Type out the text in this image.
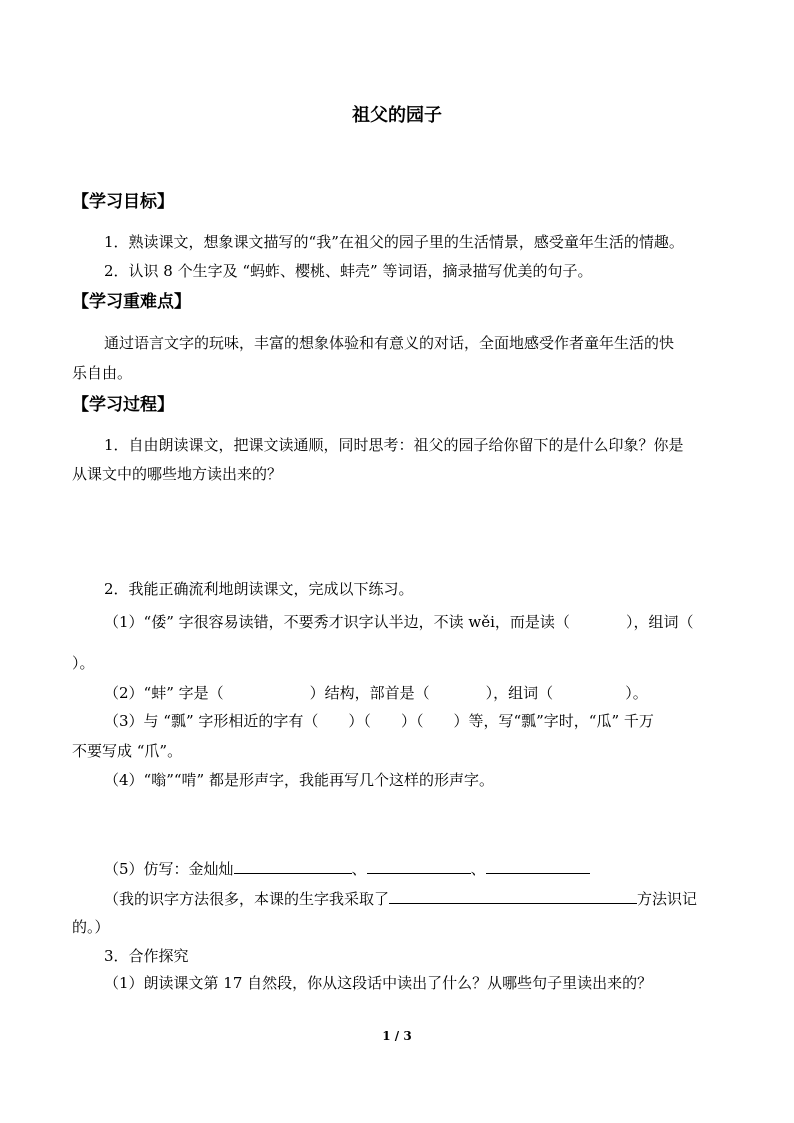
祖父的园子
【学习目标】
1．熟读课文，想象课文描写的“我”在祖父的园子里的生活情景，感受童年生活的情趣。
2．认识 8 个生字及 “蚂蚱、樱桃、蚌壳” 等词语，摘录描写优美的句子。
【学习重难点】
通过语言文字的玩味，丰富的想象体验和有意义的对话，全面地感受作者童年生活的快
乐自由。
【学习过程】
1．自由朗读课文，把课文读通顺，同时思考：祖父的园子给你留下的是什么印象？你是
从课文中的哪些地方读出来的？
2．我能正确流利地朗读课文，完成以下练习。
（1）“倭” 字很容易读错，不要秀才识字认半边，不读 wěi，而是读（	），组词（
）。
（2）“蚌” 字是（	）结构，部首是（	），组词（	）。
（3）与 “瓢” 字形相近的字有（ ）（ ）（ ）等，写“瓢”字时，“瓜” 千万
不要写成 “爪”。
（4）“嗡”“啃” 都是形声字，我能再写几个这样的形声字。
（5）仿写：金灿灿	、	、
（我的识字方法很多，本课的生字我采取了	方法识记
的。）
3．合作探究
（1）朗读课文第 17 自然段，你从这段话中读出了什么？从哪些句子里读出来的？
1 / 3
